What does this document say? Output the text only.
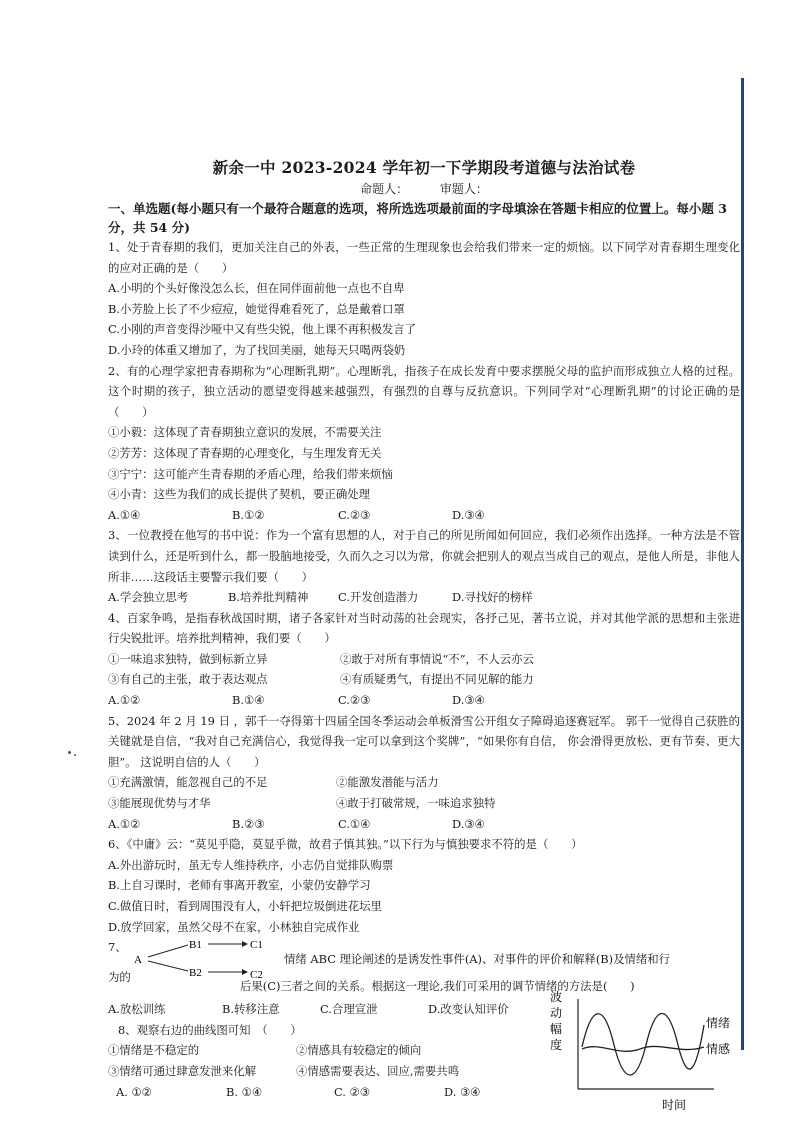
新余一中 2023-2024 学年初一下学期段考道德与法治试卷
命题人：	审题人：
一、单选题(每小题只有一个最符合题意的选项，将所选选项最前面的字母填涂在答题卡相应的位置上。每小题 3 分，共 54 分)
1、处于青春期的我们，更加关注自己的外表，一些正常的生理现象也会给我们带来一定的烦恼。以下同学对青春期生理变化的应对正确的是（　　）
A.小明的个头好像没怎么长，但在同伴面前他一点也不自卑
B.小芳脸上长了不少痘痘，她觉得难看死了，总是戴着口罩
C.小刚的声音变得沙哑中又有些尖锐，他上课不再积极发言了
D.小玲的体重又增加了，为了找回美丽，她每天只喝两袋奶
2、有的心理学家把青春期称为“心理断乳期”。心理断乳，指孩子在成长发育中要求摆脱父母的监护而形成独立人格的过程。这个时期的孩子，独立活动的愿望变得越来越强烈，有强烈的自尊与反抗意识。下列同学对“心理断乳期”的讨论正确的是（　　）
①小毅：这体现了青春期独立意识的发展，不需要关注
②芳芳：这体现了青春期的心理变化，与生理发育无关
③宁宁：这可能产生青春期的矛盾心理，给我们带来烦恼
④小青：这些为我们的成长提供了契机，要正确处理
A.①④	B.①②	C.②③	D.③④
3、一位教授在他写的书中说：作为一个富有思想的人，对于自己的所见所闻如何回应，我们必须作出选择。一种方法是不管读到什么，还是听到什么，都一股脑地接受，久而久之习以为常，你就会把别人的观点当成自己的观点，是他人所是，非他人所非……这段话主要警示我们要（　　）
A.学会独立思考	B.培养批判精神	C.开发创造潜力	D.寻找好的榜样
4、百家争鸣，是指春秋战国时期，诸子各家针对当时动荡的社会现实，各抒己见，著书立说，并对其他学派的思想和主张进行尖锐批评。培养批判精神，我们要（　　）
①一味追求独特，做到标新立异	②敢于对所有事情说“不”，不人云亦云
③有自己的主张，敢于表达观点	④有质疑勇气，有提出不同见解的能力
A.①②	B.①④	C.②③	D.③④
5、2024 年 2 月 19 日 ，郭千一夺得第十四届全国冬季运动会单板滑雪公开组女子障碍追逐赛冠军。 郭千一觉得自己获胜的关键就是自信，“我对自己充满信心，我觉得我一定可以拿到这个奖牌”，“如果你有自信， 你会滑得更放松、更有节奏、更大胆”。 这说明自信的人（　　）
①充满激情，能忽视自己的不足	②能激发潜能与活力
③能展现优势与才华	④敢于打破常规，一味追求独特
A.①②	B.②③	C.①④	D.③④
6、《中庸》云：“莫见乎隐，莫显乎微，故君子慎其独。”以下行为与慎独要求不符的是（　　）
A.外出游玩时，虽无专人维持秩序，小志仍自觉排队购票
B.上自习课时，老师有事离开教室，小蒙仍安静学习
C.做值日时，看到周围没有人，小轩把垃圾倒进花坛里
D.放学回家，虽然父母不在家，小林独自完成作业
7、
A
B1	C1
B2	C2
情绪 ABC 理论阐述的是诱发性事件(A)、对事件的评价和解释(B)及情绪和行
为的
后果(C)三者之间的关系。根据这一理论,我们可采用的调节情绪的方法是(　　)
A.放松训练	B.转移注意	C.合理宣泄	D.改变认知评价
8、观察右边的曲线图可知　（　　）
①情绪是不稳定的	②情感具有较稳定的倾向
③情绪可通过肆意发泄来化解	④情感需要表达、回应,需要共鸣
A. ①②	B. ①④	C. ②③	D. ③④
波
动
幅
度
情绪
情感
时间
